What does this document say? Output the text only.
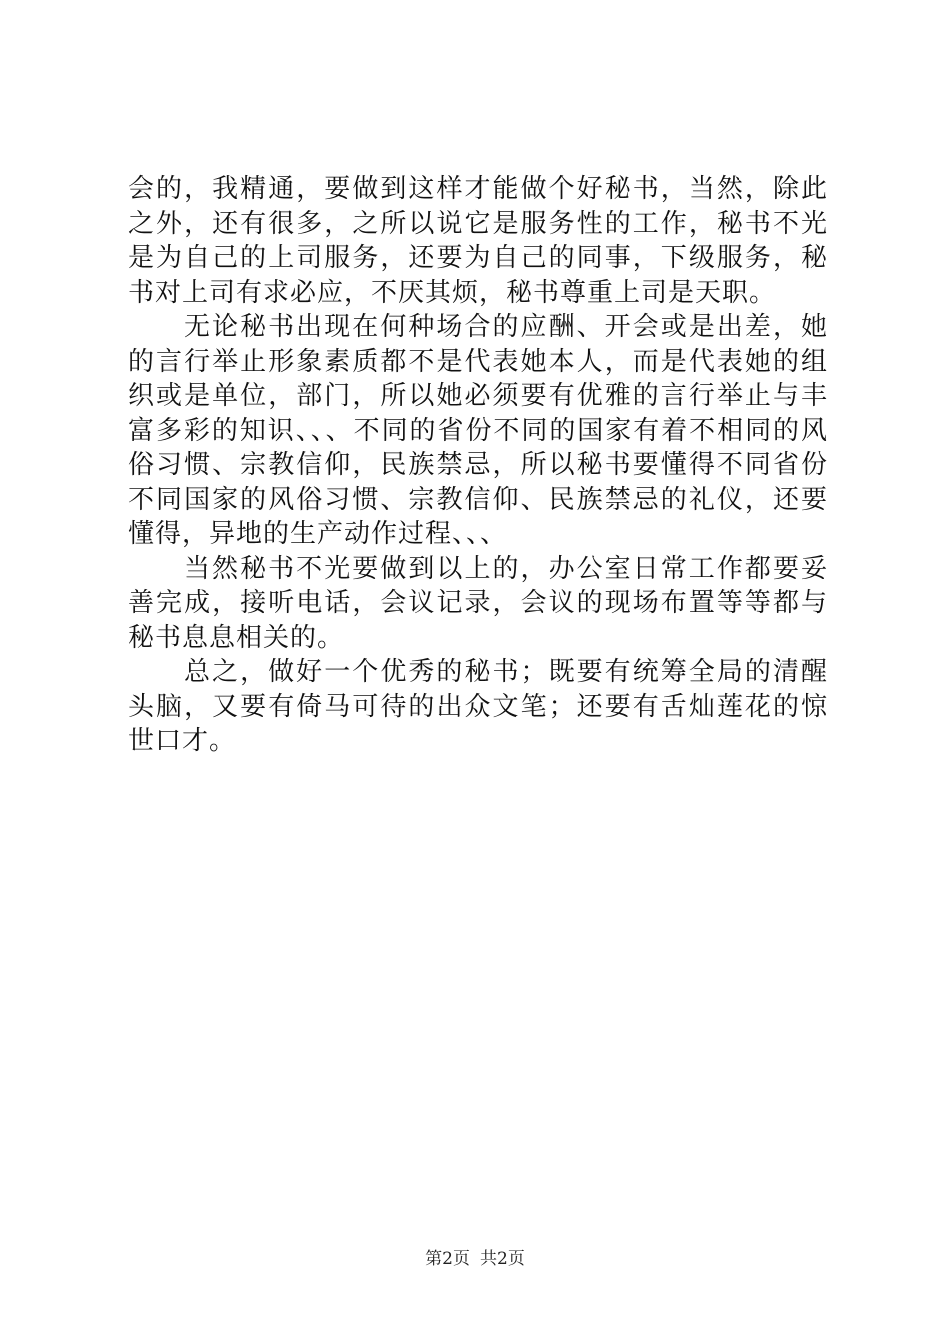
会的，我精通，要做到这样才能做个好秘书，当然，除此之外，还有很多，之所以说它是服务性的工作，秘书不光是为自己的上司服务，还要为自己的同事，下级服务，秘书对上司有求必应，不厌其烦，秘书尊重上司是天职。

无论秘书出现在何种场合的应酬、开会或是出差，她的言行举止形象素质都不是代表她本人，而是代表她的组织或是单位，部门，所以她必须要有优雅的言行举止与丰富多彩的知识、、、不同的省份不同的国家有着不相同的风俗习惯、宗教信仰，民族禁忌，所以秘书要懂得不同省份不同国家的风俗习惯、宗教信仰、民族禁忌的礼仪，还要懂得，异地的生产动作过程、、、

当然秘书不光要做到以上的，办公室日常工作都要妥善完成，接听电话，会议记录，会议的现场布置等等都与秘书息息相关的。

总之，做好一个优秀的秘书；既要有统筹全局的清醒头脑，又要有倚马可待的出众文笔；还要有舌灿莲花的惊世口才。

第2页 共2页
